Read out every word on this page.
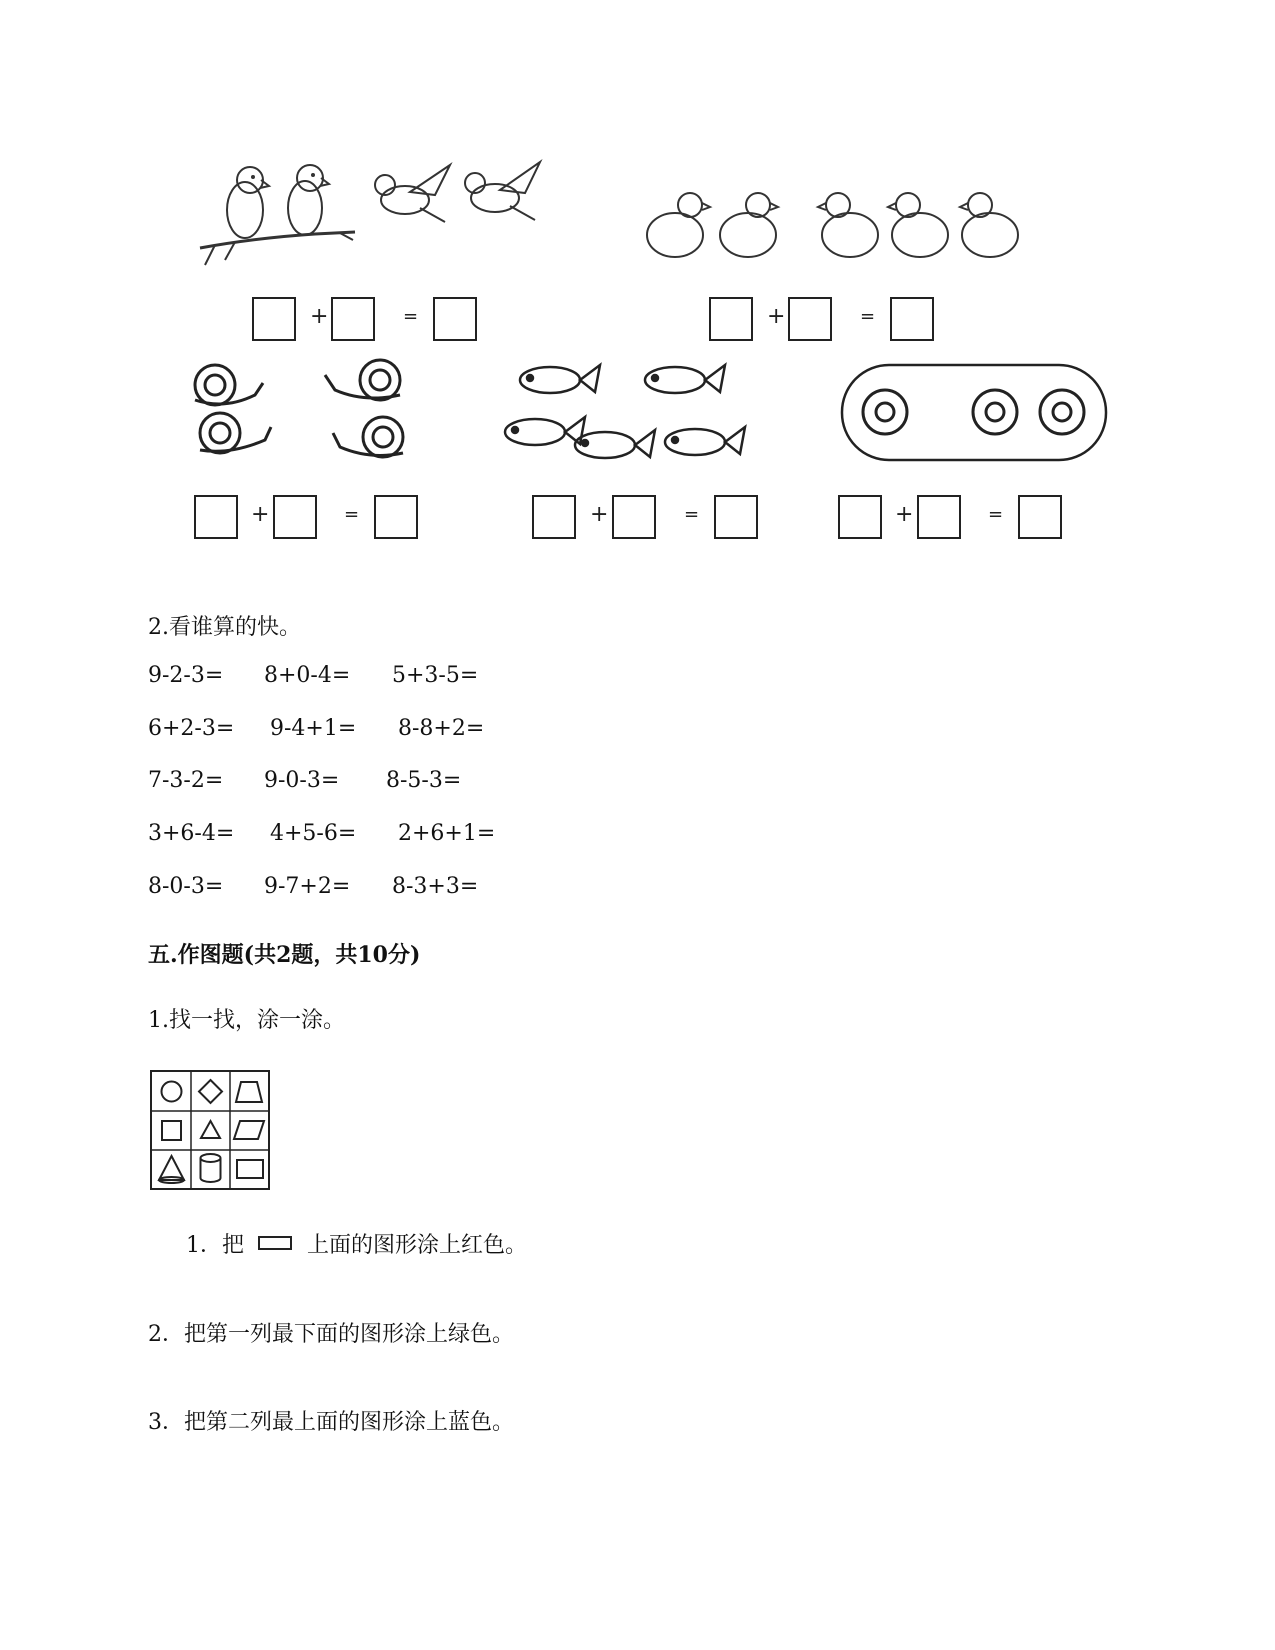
+	=	+	=
+	=	+	=	+	=
2.看谁算的快。
9-2-3= 8+0-4= 5+3-5=
6+2-3= 9-4+1= 8-8+2=
7-3-2= 9-0-3= 8-5-3=
3+6-4= 4+5-6= 2+6+1=
8-0-3= 9-7+2= 8-3+3=
五.作图题(共2题，共10分)
1.找一找，涂一涂。
1．把	上面的图形涂上红色。
2．把第一列最下面的图形涂上绿色。
3．把第二列最上面的图形涂上蓝色。
